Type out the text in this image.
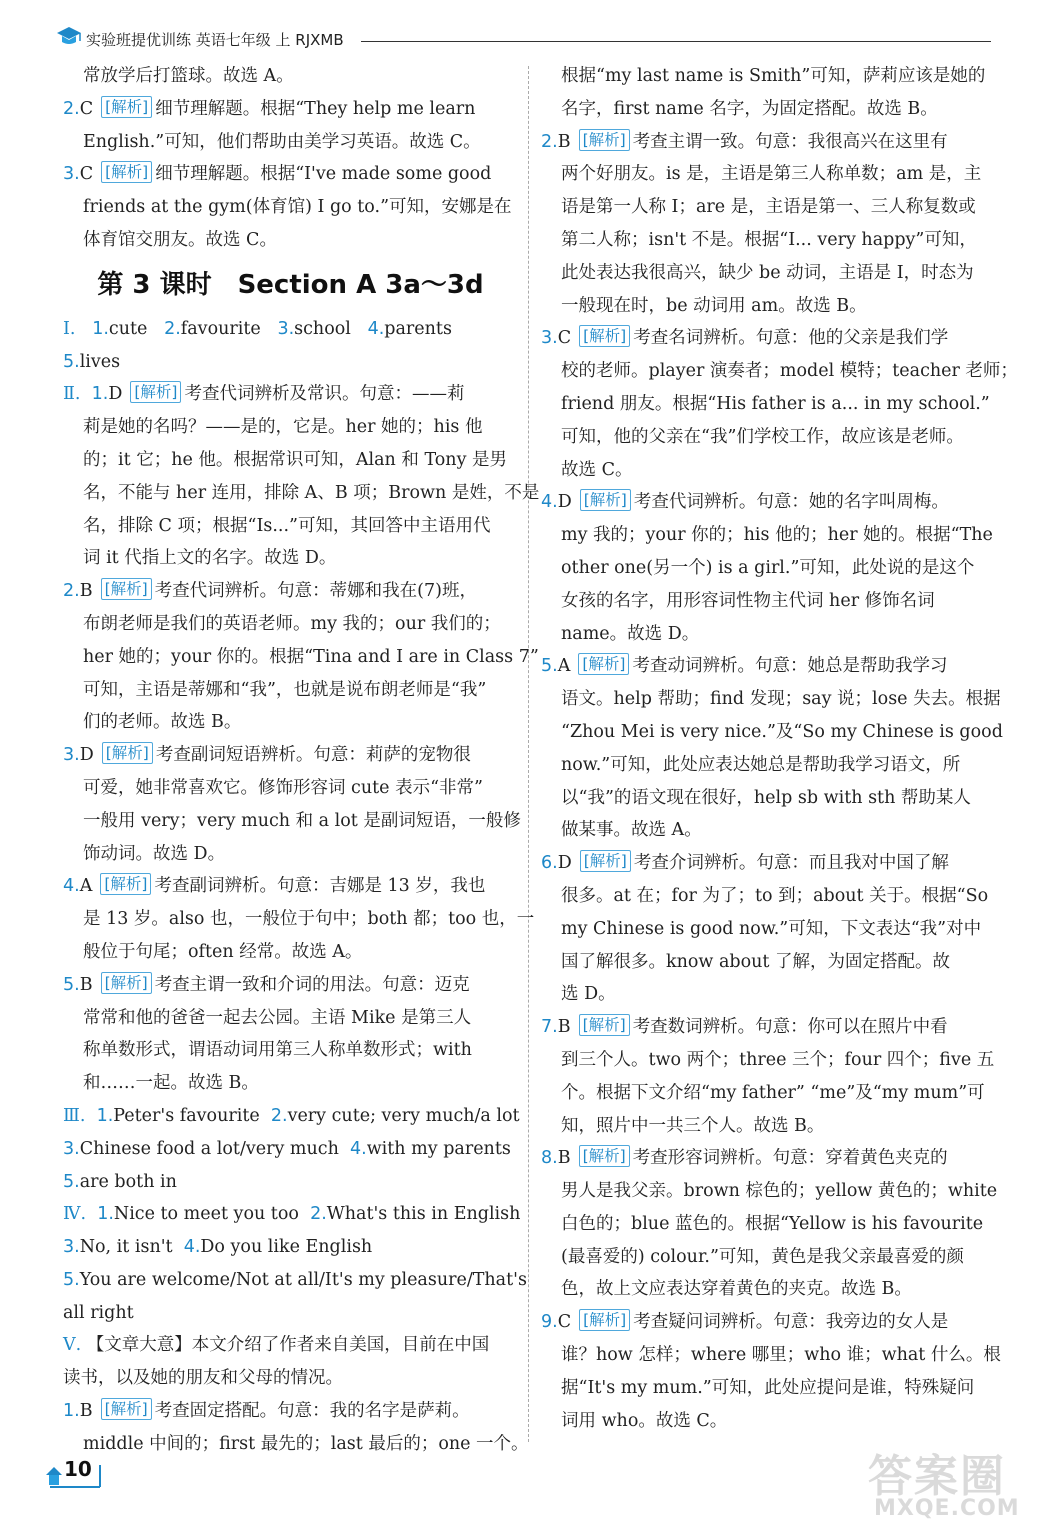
实验班提优训练 英语七年级 上 RJXMB
常放学后打篮球。故选 A。
2.C [解析] 细节理解题。根据“They help me learn
English.”可知，他们帮助由美学习英语。故选 C。
3.C [解析] 细节理解题。根据“I've made some good
friends at the gym(体育馆) I go to.”可知，安娜是在
体育馆交朋友。故选 C。
第 3 课时　Section A 3a～3d
Ⅰ. 1.cute 2.favourite 3.school 4.parents
5.lives
Ⅱ. 1.D [解析] 考查代词辨析及常识。句意：——莉
莉是她的名吗？——是的，它是。her 她的；his 他
的；it 它；he 他。根据常识可知，Alan 和 Tony 是男
名，不能与 her 连用，排除 A、B 项；Brown 是姓，不是
名，排除 C 项；根据“Is...”可知，其回答中主语用代
词 it 代指上文的名字。故选 D。
2.B [解析] 考查代词辨析。句意：蒂娜和我在(7)班，
布朗老师是我们的英语老师。my 我的；our 我们的；
her 她的；your 你的。根据“Tina and I are in Class 7”
可知，主语是蒂娜和“我”，也就是说布朗老师是“我”
们的老师。故选 B。
3.D [解析] 考查副词短语辨析。句意：莉萨的宠物很
可爱，她非常喜欢它。修饰形容词 cute 表示“非常”
一般用 very；very much 和 a lot 是副词短语，一般修
饰动词。故选 D。
4.A [解析] 考查副词辨析。句意：吉娜是 13 岁，我也
是 13 岁。also 也，一般位于句中；both 都；too 也，一
般位于句尾；often 经常。故选 A。
5.B [解析] 考查主谓一致和介词的用法。句意：迈克
常常和他的爸爸一起去公园。主语 Mike 是第三人
称单数形式，谓语动词用第三人称单数形式；with
和……一起。故选 B。
Ⅲ. 1.Peter's favourite 2.very cute; very much/a lot
3.Chinese food a lot/very much 4.with my parents
5.are both in
Ⅳ. 1.Nice to meet you too 2.What's this in English
3.No, it isn't 4.Do you like English
5.You are welcome/Not at all/It's my pleasure/That's
all right
Ⅴ. 【文章大意】本文介绍了作者来自美国，目前在中国
读书，以及她的朋友和父母的情况。
1.B [解析] 考查固定搭配。句意：我的名字是萨莉。
middle 中间的；first 最先的；last 最后的；one 一个。
根据“my last name is Smith”可知，萨莉应该是她的
名字，first name 名字，为固定搭配。故选 B。
2.B [解析] 考查主谓一致。句意：我很高兴在这里有
两个好朋友。is 是，主语是第三人称单数；am 是，主
语是第一人称 I；are 是，主语是第一、三人称复数或
第二人称；isn't 不是。根据“I... very happy”可知，
此处表达我很高兴，缺少 be 动词，主语是 I，时态为
一般现在时，be 动词用 am。故选 B。
3.C [解析] 考查名词辨析。句意：他的父亲是我们学
校的老师。player 演奏者；model 模特；teacher 老师；
friend 朋友。根据“His father is a... in my school.”
可知，他的父亲在“我”们学校工作，故应该是老师。
故选 C。
4.D [解析] 考查代词辨析。句意：她的名字叫周梅。
my 我的；your 你的；his 他的；her 她的。根据“The
other one(另一个) is a girl.”可知，此处说的是这个
女孩的名字，用形容词性物主代词 her 修饰名词
name。故选 D。
5.A [解析] 考查动词辨析。句意：她总是帮助我学习
语文。help 帮助；find 发现；say 说；lose 失去。根据
“Zhou Mei is very nice.”及“So my Chinese is good
now.”可知，此处应表达她总是帮助我学习语文，所
以“我”的语文现在很好，help sb with sth 帮助某人
做某事。故选 A。
6.D [解析] 考查介词辨析。句意：而且我对中国了解
很多。at 在；for 为了；to 到；about 关于。根据“So
my Chinese is good now.”可知，下文表达“我”对中
国了解很多。know about 了解，为固定搭配。故
选 D。
7.B [解析] 考查数词辨析。句意：你可以在照片中看
到三个人。two 两个；three 三个；four 四个；five 五
个。根据下文介绍“my father” “me”及“my mum”可
知，照片中一共三个人。故选 B。
8.B [解析] 考查形容词辨析。句意：穿着黄色夹克的
男人是我父亲。brown 棕色的；yellow 黄色的；white
白色的；blue 蓝色的。根据“Yellow is his favourite
(最喜爱的) colour.”可知，黄色是我父亲最喜爱的颜
色，故上文应表达穿着黄色的夹克。故选 B。
9.C [解析] 考查疑问词辨析。句意：我旁边的女人是
谁？how 怎样；where 哪里；who 谁；what 什么。根
据“It's my mum.”可知，此处应提问是谁，特殊疑问
词用 who。故选 C。
10	答案圈
MXQE.COM
